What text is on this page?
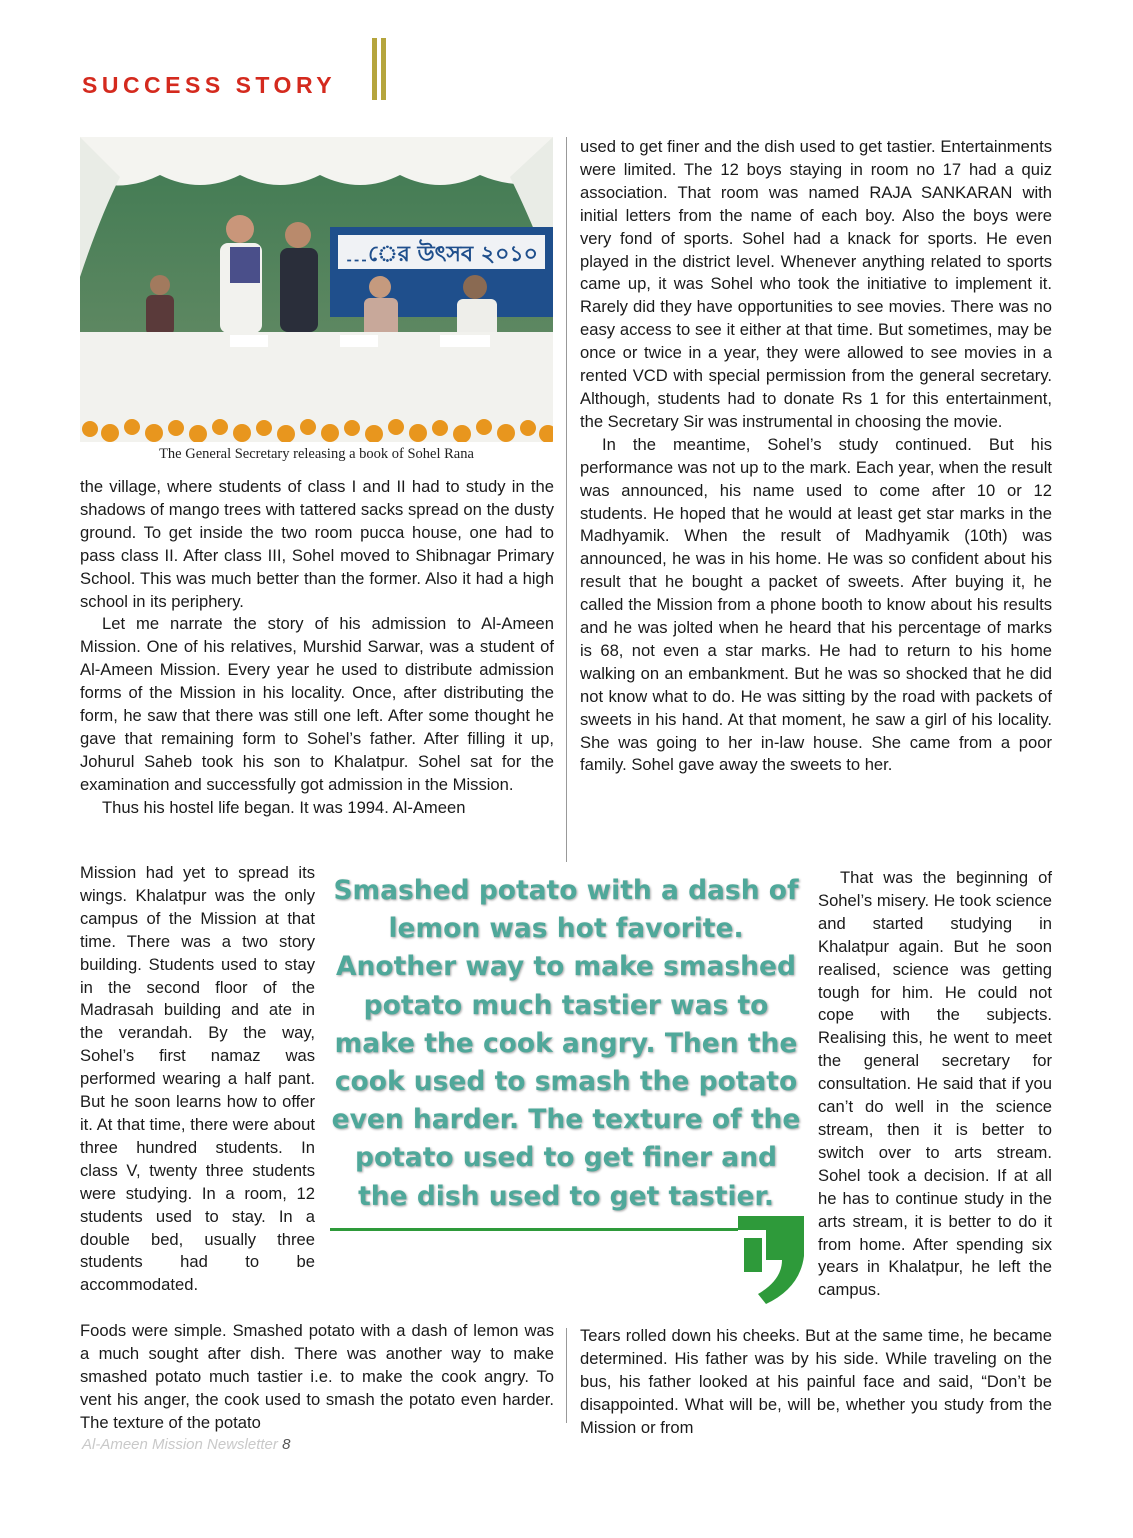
SUCCESS STORY
…ের উৎসব ২০১০
The General Secretary releasing a book of Sohel Rana

the village, where students of class I and II had to study in the shadows of mango trees with tattered sacks spread on the dusty ground. To get inside the two room pucca house, one had to pass class II. After class III, Sohel moved to Shibnagar Primary School. This was much better than the former. Also it had a high school in its periphery.

Let me narrate the story of his admission to Al-Ameen Mission. One of his relatives, Murshid Sarwar, was a student of Al-Ameen Mission. Every year he used to distribute admission forms of the Mission in his locality. Once, after distributing the form, he saw that there was still one left. After some thought he gave that remaining form to Sohel’s father. After filling it up, Johurul Saheb took his son to Khalatpur. Sohel sat for the examination and successfully got admission in the Mission.

Thus his hostel life began. It was 1994. Al-Ameen

Mission had yet to spread its wings. Khalatpur was the only campus of the Mission at that time. There was a two story building. Students used to stay in the second floor of the Madrasah building and ate in the verandah. By the way, Sohel’s first namaz was performed wearing a half pant. But he soon learns how to offer it. At that time, there were about three hundred students. In class V, twenty three students were studying. In a room, 12 students used to stay. In a double bed, usually three students had to be accommodated.

Foods were simple. Smashed potato with a dash of lemon was a much sought after dish. There was another way to make smashed potato much tastier i.e. to make the cook angry. To vent his anger, the cook used to smash the potato even harder. The texture of the potato

used to get finer and the dish used to get tastier. Entertainments were limited. The 12 boys staying in room no 17 had a quiz association. That room was named RAJA SANKARAN with initial letters from the name of each boy. Also the boys were very fond of sports. Sohel had a knack for sports. He even played in the district level. Whenever anything related to sports came up, it was Sohel who took the initiative to implement it. Rarely did they have opportunities to see movies. There was no easy access to see it either at that time. But sometimes, may be once or twice in a year, they were allowed to see movies in a rented VCD with special permission from the general secretary. Although, students had to donate Rs 1 for this entertainment, the Secretary Sir was instrumental in choosing the movie.

In the meantime, Sohel’s study continued. But his performance was not up to the mark. Each year, when the result was announced, his name used to come after 10 or 12 students. He hoped that he would at least get star marks in the Madhyamik. When the result of Madhyamik (10th) was announced, he was in his home. He was so confident about his result that he bought a packet of sweets. After buying it, he called the Mission from a phone booth to know about his results and he was jolted when he heard that his percentage of marks is 68, not even a star marks. He had to return to his home walking on an embankment. But he was so shocked that he did not know what to do. He was sitting by the road with packets of sweets in his hand. At that moment, he saw a girl of his locality. She was going to her in-law house. She came from a poor family. Sohel gave away the sweets to her.

That was the beginning of Sohel’s misery. He took science and started studying in Khalatpur again. But he soon realised, science was getting tough for him. He could not cope with the subjects. Realising this, he went to meet the general secretary for consultation. He said that if you can’t do well in the science stream, then it is better to switch over to arts stream. Sohel took a decision. If at all he has to continue study in the arts stream, it is better to do it from home. After spending six years in Khalatpur, he left the campus.

Tears rolled down his cheeks. But at the same time, he became determined. His father was by his side. While traveling on the bus, his father looked at his painful face and said, “Don’t be disappointed. What will be, will be, whether you study from the Mission or from

Smashed potato with a dash of lemon was hot favorite. Another way to make smashed potato much tastier was to make the cook angry. Then the cook used to smash the potato even harder. The texture of the potato used to get finer and the dish used to get tastier.
Al-Ameen Mission Newsletter 8
